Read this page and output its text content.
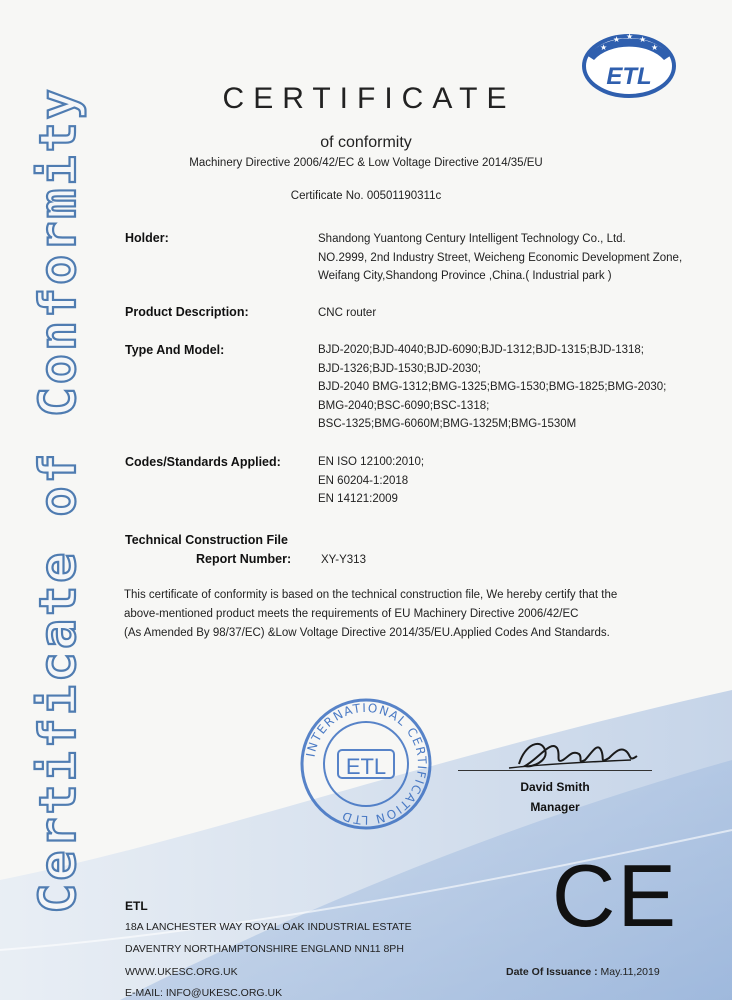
Certificate of Conformity
★
★ ★ ★
★
ETL
CERTIFICATE
of conformity
Machinery Directive 2006/42/EC & Low Voltage Directive 2014/35/EU
Certificate No. 00501190311c
Holder:	Shandong Yuantong Century Intelligent Technology Co., Ltd.
NO.2999, 2nd Industry Street, Weicheng Economic Development Zone,
Weifang City,Shandong Province ,China.( Industrial park )
Product Description:	CNC router
Type And Model:	BJD-2020;BJD-4040;BJD-6090;BJD-1312;BJD-1315;BJD-1318;
BJD-1326;BJD-1530;BJD-2030;
BJD-2040 BMG-1312;BMG-1325;BMG-1530;BMG-1825;BMG-2030;
BMG-2040;BSC-6090;BSC-1318;
BSC-1325;BMG-6060M;BMG-1325M;BMG-1530M
Codes/Standards Applied:	EN ISO 12100:2010;
EN 60204-1:2018
EN 14121:2009
Technical Construction File
Report Number:	XY-Y313
This certificate of conformity is based on the technical construction file, We hereby certify that the
above-mentioned product meets the requirements of EU Machinery Directive 2006/42/EC
(As Amended By 98/37/EC) &Low Voltage Directive 2014/35/EU.Applied Codes And Standards.
INTERNATIONAL CERTIFICATION LTD
ETL
David Smith
Manager
CE
ETL
18A LANCHESTER WAY ROYAL OAK INDUSTRIAL ESTATE
DAVENTRY NORTHAMPTONSHIRE ENGLAND NN11 8PH
WWW.UKESC.ORG.UK
E-MAIL: INFO@UKESC.ORG.UK
Date Of Issuance : May.11,2019
